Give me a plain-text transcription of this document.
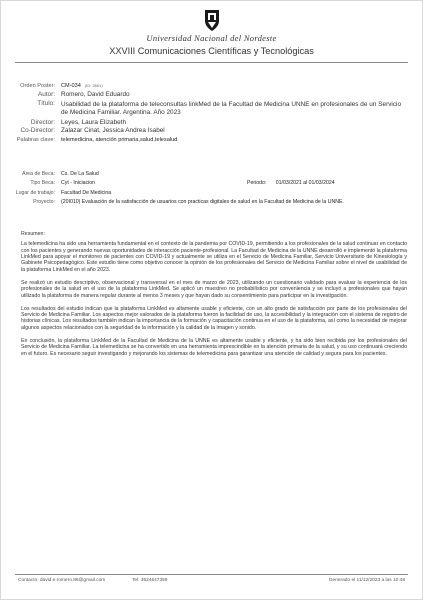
Universidad Nacional del Nordeste
XXVIII Comunicaciones Científicas y Tecnológicas
Orden Poster: CM-034 (ID: 2661)
Autor: Romero, David Eduardo
Título: Usabilidad de la plataforma de teleconsultas linkMed de la Facultad de Medicina UNNE en profesionales de un Servicio de Medicina Familiar. Argentina. Año 2023
Director: Leyes, Laura Elizabeth
Co-Director: Zalazar Cinat, Jessica Andrea Isabel
Palabras clave: telemedicina, atención primaria,salud,telesalud
Área de Beca: Cs. De La Salud
Tipo Beca: Cyt - Iniciacion	Periodo: 01/03/2021 al 01/03/2024
Lugar de trabajo: Facultad De Medicina
Proyecto: (20I010) Evaluación de la satisfacción de usuarios con practicas digitales de salud en la Facultad de Medicina de la UNNE.
Resumen:

La telemedicina ha sido una herramienta fundamental en el contexto de la pandemia por COVID-19, permitiendo a los profesionales de la salud continuar en contacto con los pacientes y generando nuevas oportunidades de interacción paciente-profesional. La Facultad de Medicina de la UNNE desarrolló e implementó la plataforma LinkMed para apoyar el monitoreo de pacientes con COVID-19 y actualmente se utiliza en el Servicio de Medicina Familiar, Servicio Universitario de Kinesiología y Gabinete Psicopedagógico. Este estudio tiene como objetivo conocer la opinión de los profesionales del Servicio de Medicina Familiar sobre el nivel de usabilidad de la plataforma LinkMed en el año 2023.

Se realizó un estudio descriptivo, observacional y transversal en el mes de marzo de 2023, utilizando un cuestionario validado para evaluar la experiencia de los profesionales de la salud en el uso de la plataforma LinkMed. Se aplicó un muestreo no probabilístico por conveniencia y se incluyó a profesionales que hayan utilizado la plataforma de manera regular durante al menos 3 meses y que hayan dado su consentimiento para participar en la investigación.

Los resultados del estudio indican que la plataforma LinkMed es altamente usable y eficiente, con un alto grado de satisfacción por parte de los profesionales del Servicio de Medicina Familiar. Los aspectos mejor valorados de la plataforma fueron la facilidad de uso, la accesibilidad y la integración con el sistema de registro de historias clínicas. Los resultados también indican la importancia de la formación y capacitación continua en el uso de la plataforma, así como la necesidad de mejorar algunos aspectos relacionados con la seguridad de la información y la calidad de la imagen y sonido.

En conclusión, la plataforma LinkMed de la Facultad de Medicina de la UNNE es altamente usable y eficiente, y ha sido bien recibida por los profesionales del Servicio de Medicina Familiar. La telemedicina se ha convertido en una herramienta imprescindible en la atención primaria de la salud, y su uso continuará creciendo en el futuro. Es necesario seguir investigando y mejorando los sistemas de telemedicina para garantizar una atención de calidad y segura para los pacientes.

Contacto: david.e.romero.86@gmail.com	Tel: 3624647359	Generado el 11/12/2023 a las 10:48
